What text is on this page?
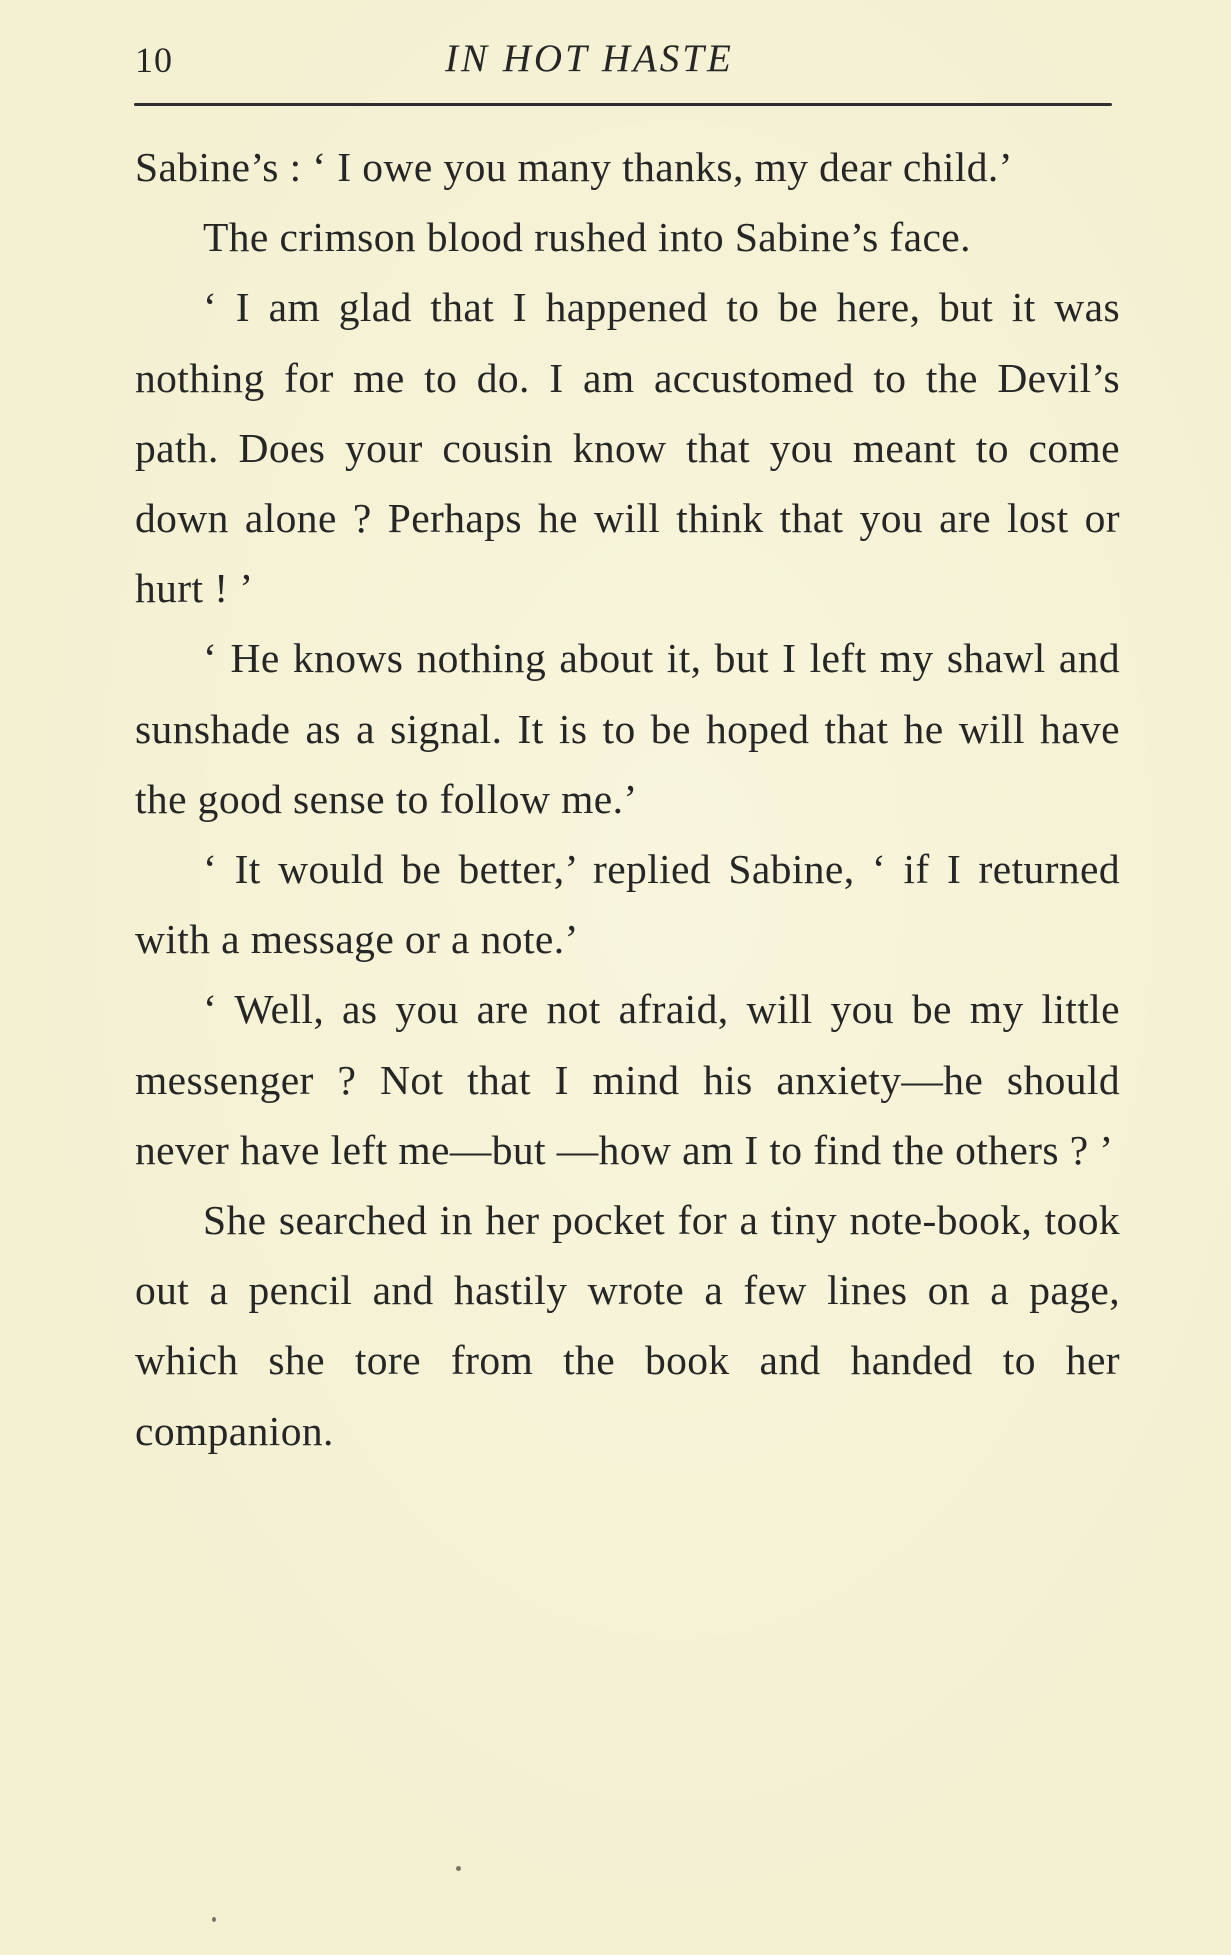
10	IN HOT HASTE

Sabine’s : ‘ I owe you many thanks, my dear child.’

The crimson blood rushed into Sabine’s face.

‘ I am glad that I happened to be here, but it was nothing for me to do. I am accustomed to the Devil’s path. Does your cousin know that you meant to come down alone ? Perhaps he will think that you are lost or hurt ! ’

‘ He knows nothing about it, but I left my shawl and sunshade as a signal. It is to be hoped that he will have the good sense to follow me.’

‘ It would be better,’ replied Sabine, ‘ if I returned with a message or a note.’

‘ Well, as you are not afraid, will you be my little messenger ? Not that I mind his anxiety—he should never have left me—but —how am I to find the others ? ’

She searched in her pocket for a tiny note-book, took out a pencil and hastily wrote a few lines on a page, which she tore from the book and handed to her companion.
